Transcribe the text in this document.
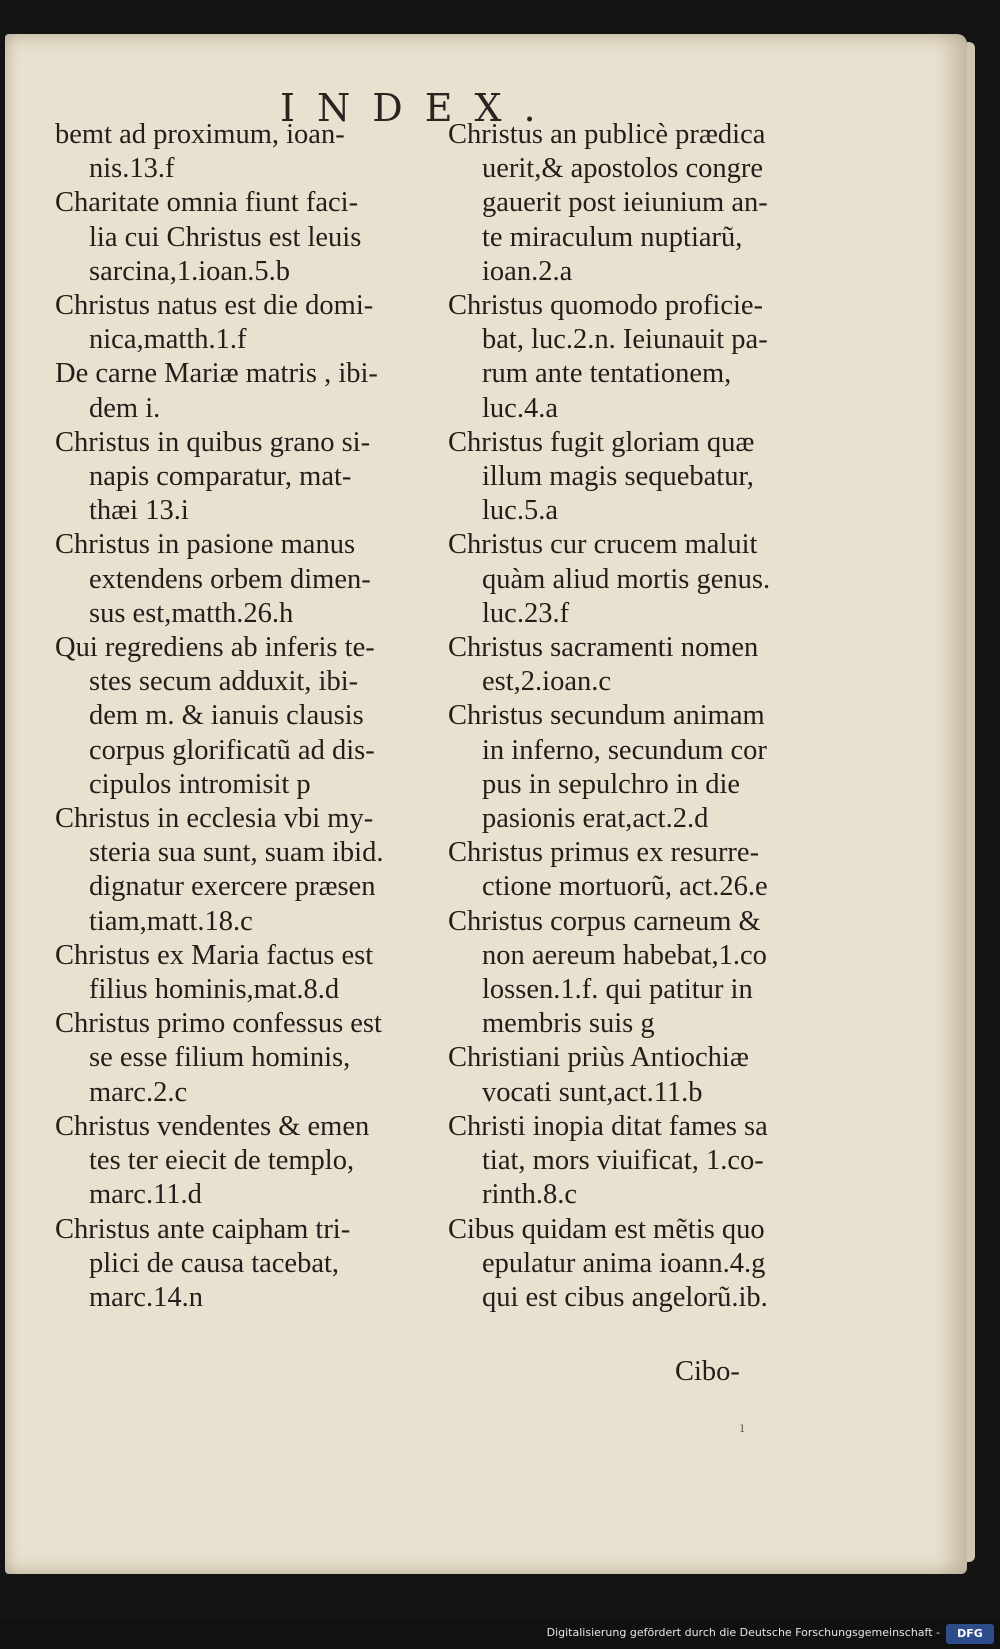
INDEX.
bemt ad proximum, ioan-
nis.13.f
Charitate omnia fiunt faci-
lia cui Christus est leuis
sarcina,1.ioan.5.b
Christus natus est die domi-
nica,matth.1.f
De carne Mariæ matris , ibi-
dem i.
Christus in quibus grano si-
napis comparatur, mat-
thæi 13.i
Christus in pasione manus
extendens orbem dimen-
sus est,matth.26.h
Qui regrediens ab inferis te-
stes secum adduxit, ibi-
dem m. & ianuis clausis
corpus glorificatũ ad dis-
cipulos intromisit p
Christus in ecclesia vbi my-
steria sua sunt, suam ibid.
dignatur exercere præsen
tiam,matt.18.c
Christus ex Maria factus est
filius hominis,mat.8.d
Christus primo confessus est
se esse filium hominis,
marc.2.c
Christus vendentes & emen
tes ter eiecit de templo,
marc.11.d
Christus ante caipham tri-
plici de causa tacebat,
marc.14.n
Christus an publicè prædica
uerit,& apostolos congre
gauerit post ieiunium an-
te miraculum nuptiarũ,
ioan.2.a
Christus quomodo proficie-
bat, luc.2.n. Ieiunauit pa-
rum ante tentationem,
luc.4.a
Christus fugit gloriam quæ
illum magis sequebatur,
luc.5.a
Christus cur crucem maluit
quàm aliud mortis genus.
luc.23.f
Christus sacramenti nomen
est,2.ioan.c
Christus secundum animam
in inferno, secundum cor
pus in sepulchro in die
pasionis erat,act.2.d
Christus primus ex resurre-
ctione mortuorũ, act.26.e
Christus corpus carneum &
non aereum habebat,1.co
lossen.1.f. qui patitur in
membris suis g
Christiani priùs Antiochiæ
vocati sunt,act.11.b
Christi inopia ditat fames sa
tiat, mors viuificat, 1.co-
rinth.8.c
Cibus quidam est mẽtis quo
epulatur anima ioann.4.g
qui est cibus angelorũ.ib.
Cibo-
ı
Digitalisierung gefördert durch die Deutsche Forschungsgemeinschaft -	DFG
